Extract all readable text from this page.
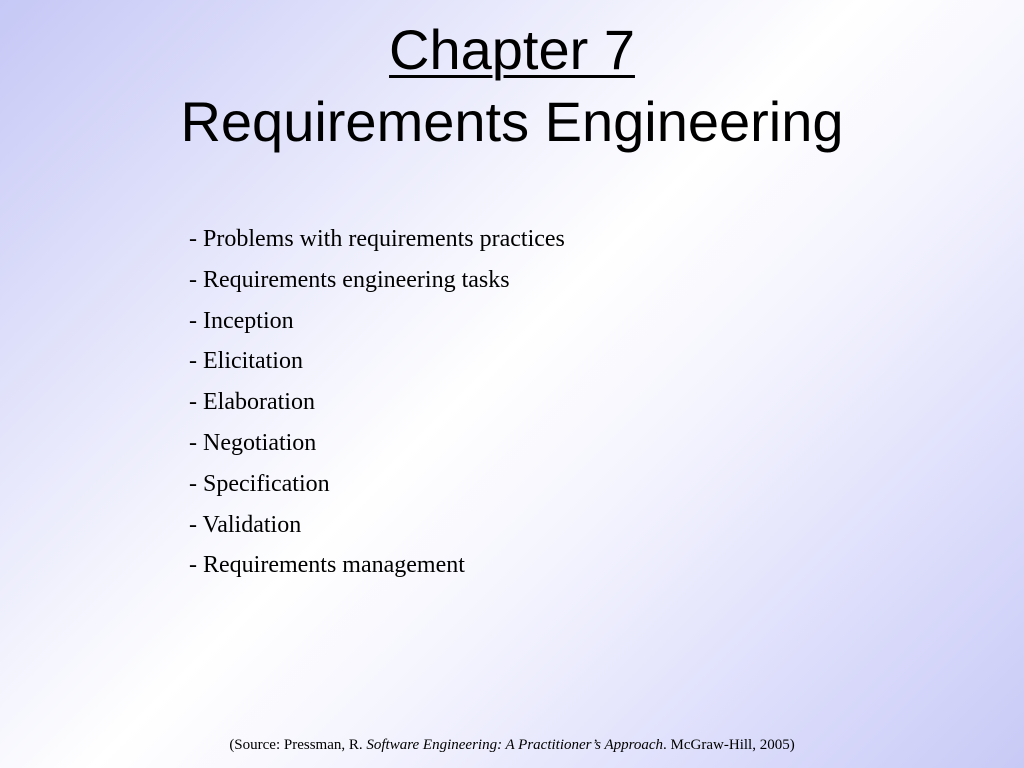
Chapter 7
Requirements Engineering
- Problems with requirements practices
- Requirements engineering tasks
- Inception
- Elicitation
- Elaboration
- Negotiation
- Specification
- Validation
- Requirements management
(Source: Pressman, R. Software Engineering: A Practitioner’s Approach. McGraw-Hill, 2005)
